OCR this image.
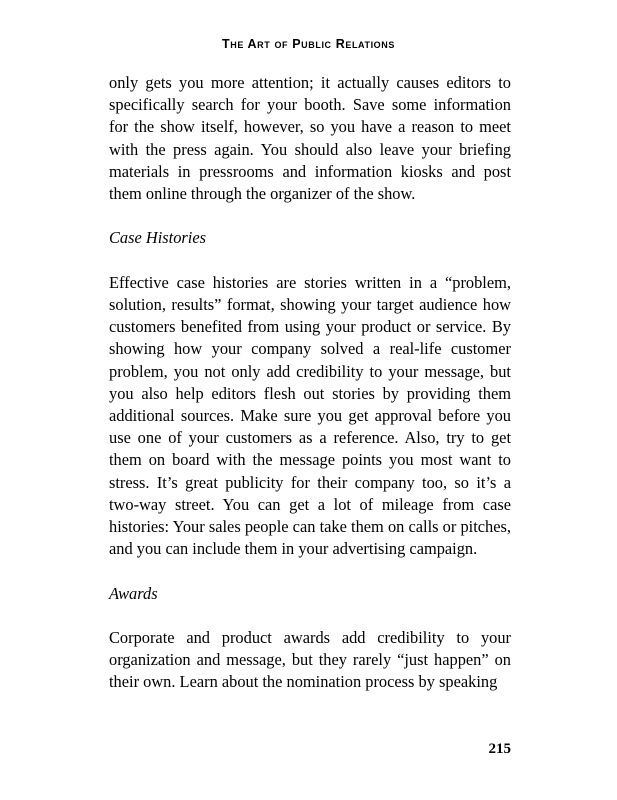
The Art of Public Relations

only gets you more attention; it actually causes editors to specifically search for your booth. Save some information for the show itself, however, so you have a reason to meet with the press again. You should also leave your briefing materials in pressrooms and information kiosks and post them online through the organizer of the show.

Case Histories

Effective case histories are stories written in a “problem, solution, results” format, showing your target audience how customers benefited from using your product or service. By showing how your company solved a real-life customer problem, you not only add credibility to your message, but you also help editors flesh out stories by providing them additional sources. Make sure you get approval before you use one of your customers as a reference. Also, try to get them on board with the message points you most want to stress. It’s great publicity for their company too, so it’s a two-way street. You can get a lot of mileage from case histories: Your sales people can take them on calls or pitches, and you can include them in your advertising campaign.

Awards

Corporate and product awards add credibility to your organization and message, but they rarely “just happen” on their own. Learn about the nomination process by speaking

215
